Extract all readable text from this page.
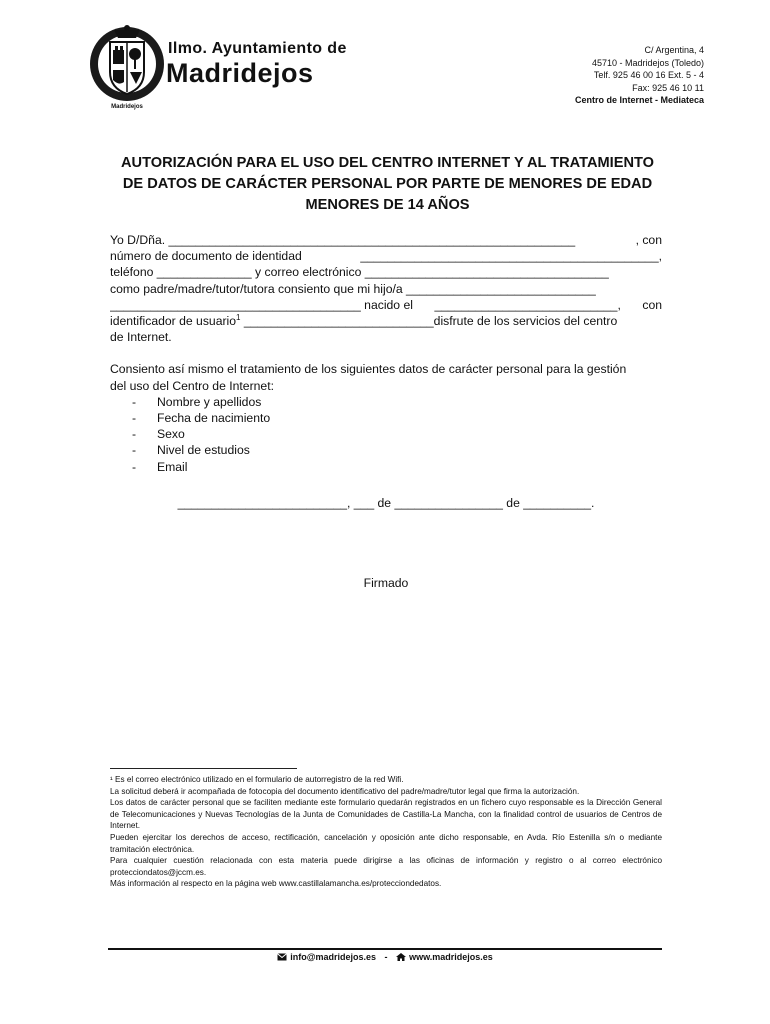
Madridejos
Ilmo. Ayuntamiento de
Madridejos
C/ Argentina, 4
45710 - Madridejos (Toledo)
Telf. 925 46 00 16 Ext. 5 - 4
Fax: 925 46 10 11
Centro de Internet - Mediateca
AUTORIZACIÓN PARA EL USO DEL CENTRO INTERNET Y AL TRATAMIENTO
DE DATOS DE CARÁCTER PERSONAL POR PARTE DE MENORES DE EDAD
MENORES DE 14 AÑOS
Yo D/Dña. ____________________________________________________________	, con
número de documento de identidad	____________________________________________,
teléfono ______________ y correo electrónico ____________________________________
como padre/madre/tutor/tutora consiento que mi hijo/a ____________________________
_____________________________________ nacido el ___________________________, con
identificador de usuario$^1$ ____________________________disfrute de los servicios del centro
de Internet.
Consiento así mismo el tratamiento de los siguientes datos de carácter personal para la gestión
del uso del Centro de Internet:
-	Nombre y apellidos
-	Fecha de nacimiento
-	Sexo
-	Nivel de estudios
-	Email
_________________________, ___ de ________________ de __________.
Firmado

¹ Es el correo electrónico utilizado en el formulario de autorregistro de la red Wifi.

La solicitud deberá ir acompañada de fotocopia del documento identificativo del padre/madre/tutor legal que firma la autorización.

Los datos de carácter personal que se faciliten mediante este formulario quedarán registrados en un fichero cuyo responsable es la Dirección General de Telecomunicaciones y Nuevas Tecnologías de la Junta de Comunidades de Castilla-La Mancha, con la finalidad control de usuarios de Centros de Internet.

Pueden ejercitar los derechos de acceso, rectificación, cancelación y oposición ante dicho responsable, en Avda. Río Estenilla s/n o mediante tramitación electrónica.

Para cualquier cuestión relacionada con esta materia puede dirigirse a las oficinas de información y registro o al correo electrónico protecciondatos@jccm.es.

Más información al respecto en la página web www.castillalamancha.es/protecciondedatos.

info@madridejos.es - www.madridejos.es
